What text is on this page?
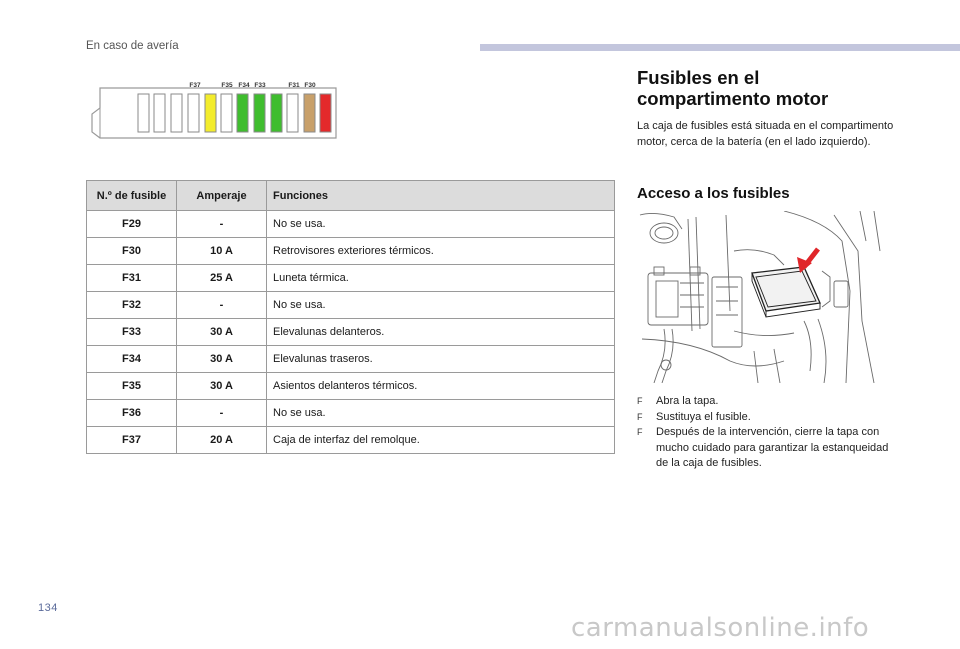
En caso de avería
F37	F35 F34 F33	F31 F30
N.º de fusible	Amperaje	Funciones
F29	-	No se usa.
F30	10 A	Retrovisores exteriores térmicos.
F31	25 A	Luneta térmica.
F32	-	No se usa.
F33	30 A	Elevalunas delanteros.
F34	30 A	Elevalunas traseros.
F35	30 A	Asientos delanteros térmicos.
F36	-	No se usa.
F37	20 A	Caja de interfaz del remolque.
Fusibles en el
compartimento motor
La caja de fusibles está situada en el compartimento motor, cerca de la batería (en el lado izquierdo).
Acceso a los fusibles
F	Abra la tapa.
F	Sustituya el fusible.
F	Después de la intervención, cierre la tapa con mucho cuidado para garantizar la estanqueidad de la caja de fusibles.
134
carmanualsonline.info
